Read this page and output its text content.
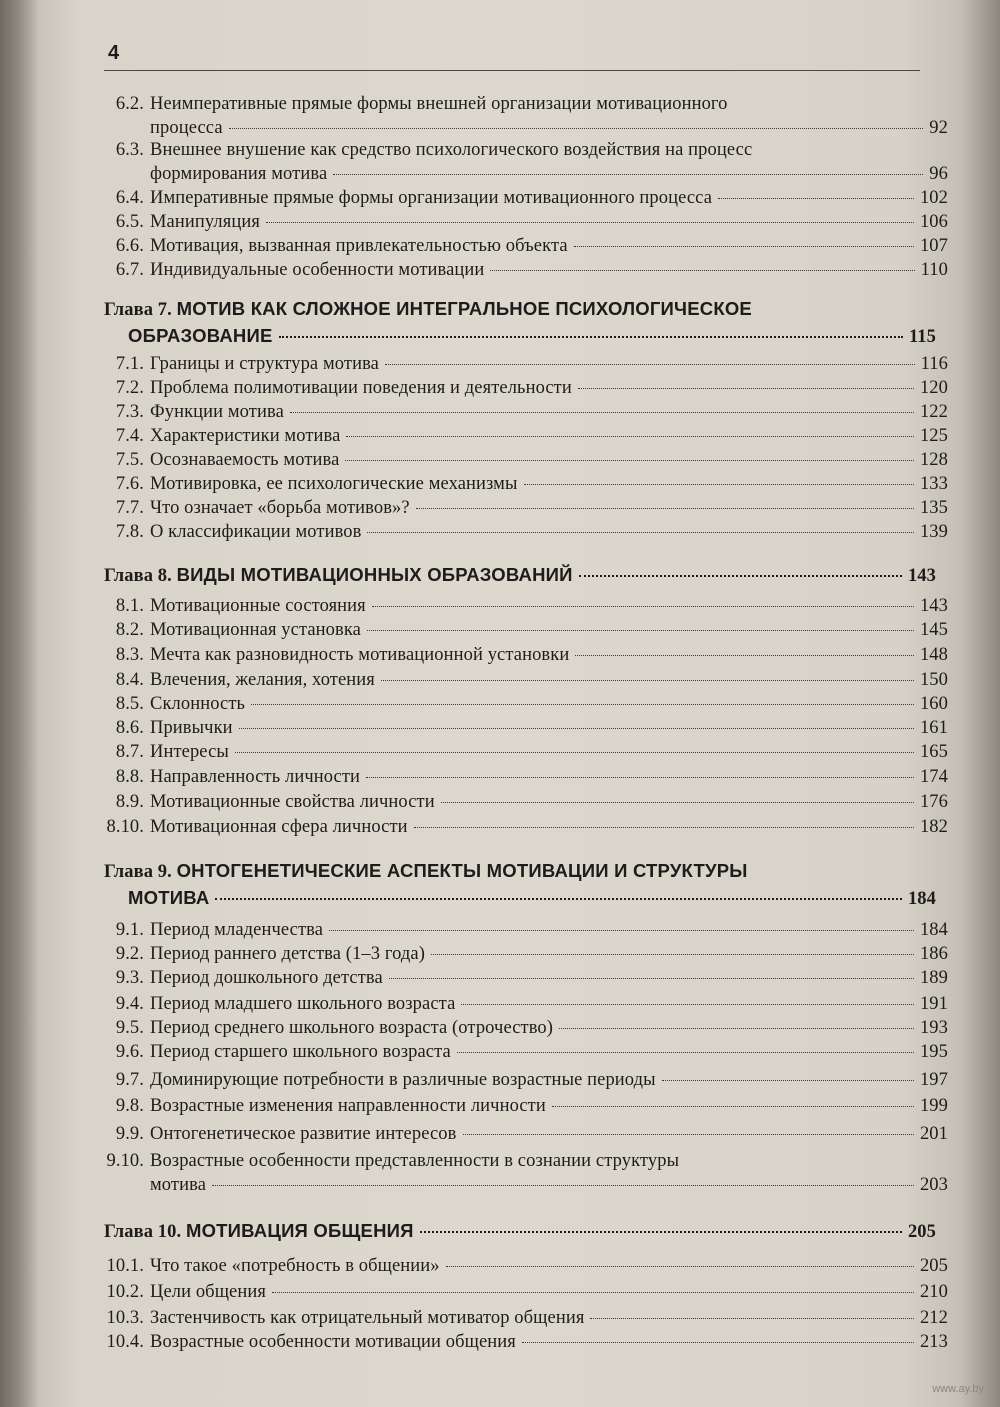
4
6.2. Неимперативные прямые формы внешней организации мотивационного
процесса	92
6.3. Внешнее внушение как средство психологического воздействия на процесс
формирования мотива	96
6.4. Императивные прямые формы организации мотивационного процесса	102
6.5. Манипуляция	106
6.6. Мотивация, вызванная привлекательностью объекта	107
6.7. Индивидуальные особенности мотивации	110
Глава 7.
МОТИВ КАК СЛОЖНОЕ ИНТЕГРАЛЬНОЕ ПСИХОЛОГИЧЕСКОЕ
ОБРАЗОВАНИЕ	115
7.1. Границы и структура мотива	116
7.2. Проблема полимотивации поведения и деятельности	120
7.3. Функции мотива	122
7.4. Характеристики мотива	125
7.5. Осознаваемость мотива	128
7.6. Мотивировка, ее психологические механизмы	133
7.7. Что означает «борьба мотивов»?	135
7.8. О классификации мотивов	139
Глава 8.
ВИДЫ МОТИВАЦИОННЫХ ОБРАЗОВАНИЙ	143
8.1. Мотивационные состояния	143
8.2. Мотивационная установка	145
8.3. Мечта как разновидность мотивационной установки	148
8.4. Влечения, желания, хотения	150
8.5. Склонность	160
8.6. Привычки	161
8.7. Интересы	165
8.8. Направленность личности	174
8.9. Мотивационные свойства личности	176
8.10. Мотивационная сфера личности	182
Глава 9.
ОНТОГЕНЕТИЧЕСКИЕ АСПЕКТЫ МОТИВАЦИИ И СТРУКТУРЫ
МОТИВА	184
9.1. Период младенчества	184
9.2. Период раннего детства (1–3 года)	186
9.3. Период дошкольного детства	189
9.4. Период младшего школьного возраста	191
9.5. Период среднего школьного возраста (отрочество)	193
9.6. Период старшего школьного возраста	195
9.7. Доминирующие потребности в различные возрастные периоды	197
9.8. Возрастные изменения направленности личности	199
9.9. Онтогенетическое развитие интересов	201
9.10. Возрастные особенности представленности в сознании структуры
мотива	203
Глава 10.
МОТИВАЦИЯ ОБЩЕНИЯ	205
10.1. Что такое «потребность в общении»	205
10.2. Цели общения	210
10.3. Застенчивость как отрицательный мотиватор общения	212
10.4. Возрастные особенности мотивации общения	213
www.ay.by
